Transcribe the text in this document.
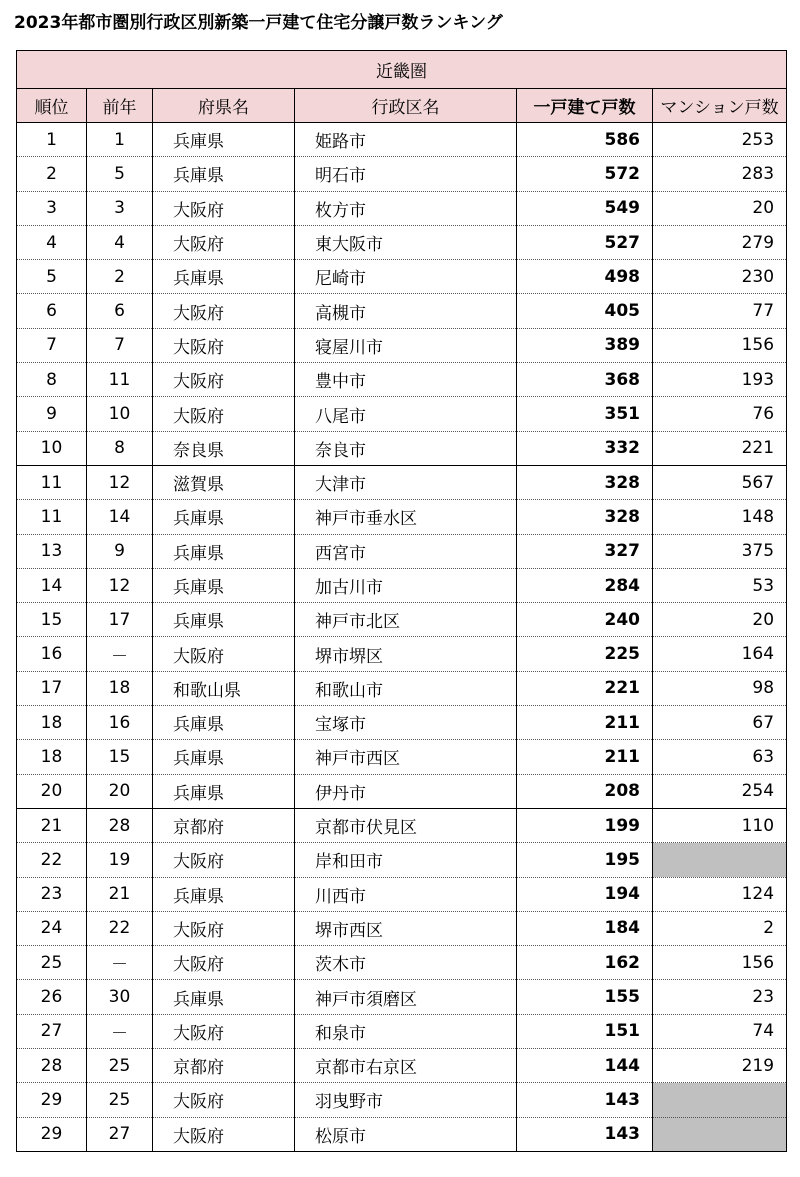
2023年都市圏別行政区別新築一戸建て住宅分譲戸数ランキング
近畿圏					
順位	前年	府県名	行政区名	一戸建て戸数	マンション戸数
1	1	兵庫県	姫路市	586	253
2	5	兵庫県	明石市	572	283
3	3	大阪府	枚方市	549	20
4	4	大阪府	東大阪市	527	279
5	2	兵庫県	尼崎市	498	230
6	6	大阪府	高槻市	405	77
7	7	大阪府	寝屋川市	389	156
8	11	大阪府	豊中市	368	193
9	10	大阪府	八尾市	351	76
10	8	奈良県	奈良市	332	221
11	12	滋賀県	大津市	328	567
11	14	兵庫県	神戸市垂水区	328	148
13	9	兵庫県	西宮市	327	375
14	12	兵庫県	加古川市	284	53
15	17	兵庫県	神戸市北区	240	20
16	－	大阪府	堺市堺区	225	164
17	18	和歌山県	和歌山市	221	98
18	16	兵庫県	宝塚市	211	67
18	15	兵庫県	神戸市西区	211	63
20	20	兵庫県	伊丹市	208	254
21	28	京都府	京都市伏見区	199	110
22	19	大阪府	岸和田市	195	
23	21	兵庫県	川西市	194	124
24	22	大阪府	堺市西区	184	2
25	－	大阪府	茨木市	162	156
26	30	兵庫県	神戸市須磨区	155	23
27	－	大阪府	和泉市	151	74
28	25	京都府	京都市右京区	144	219
29	25	大阪府	羽曳野市	143	
29	27	大阪府	松原市	143	
